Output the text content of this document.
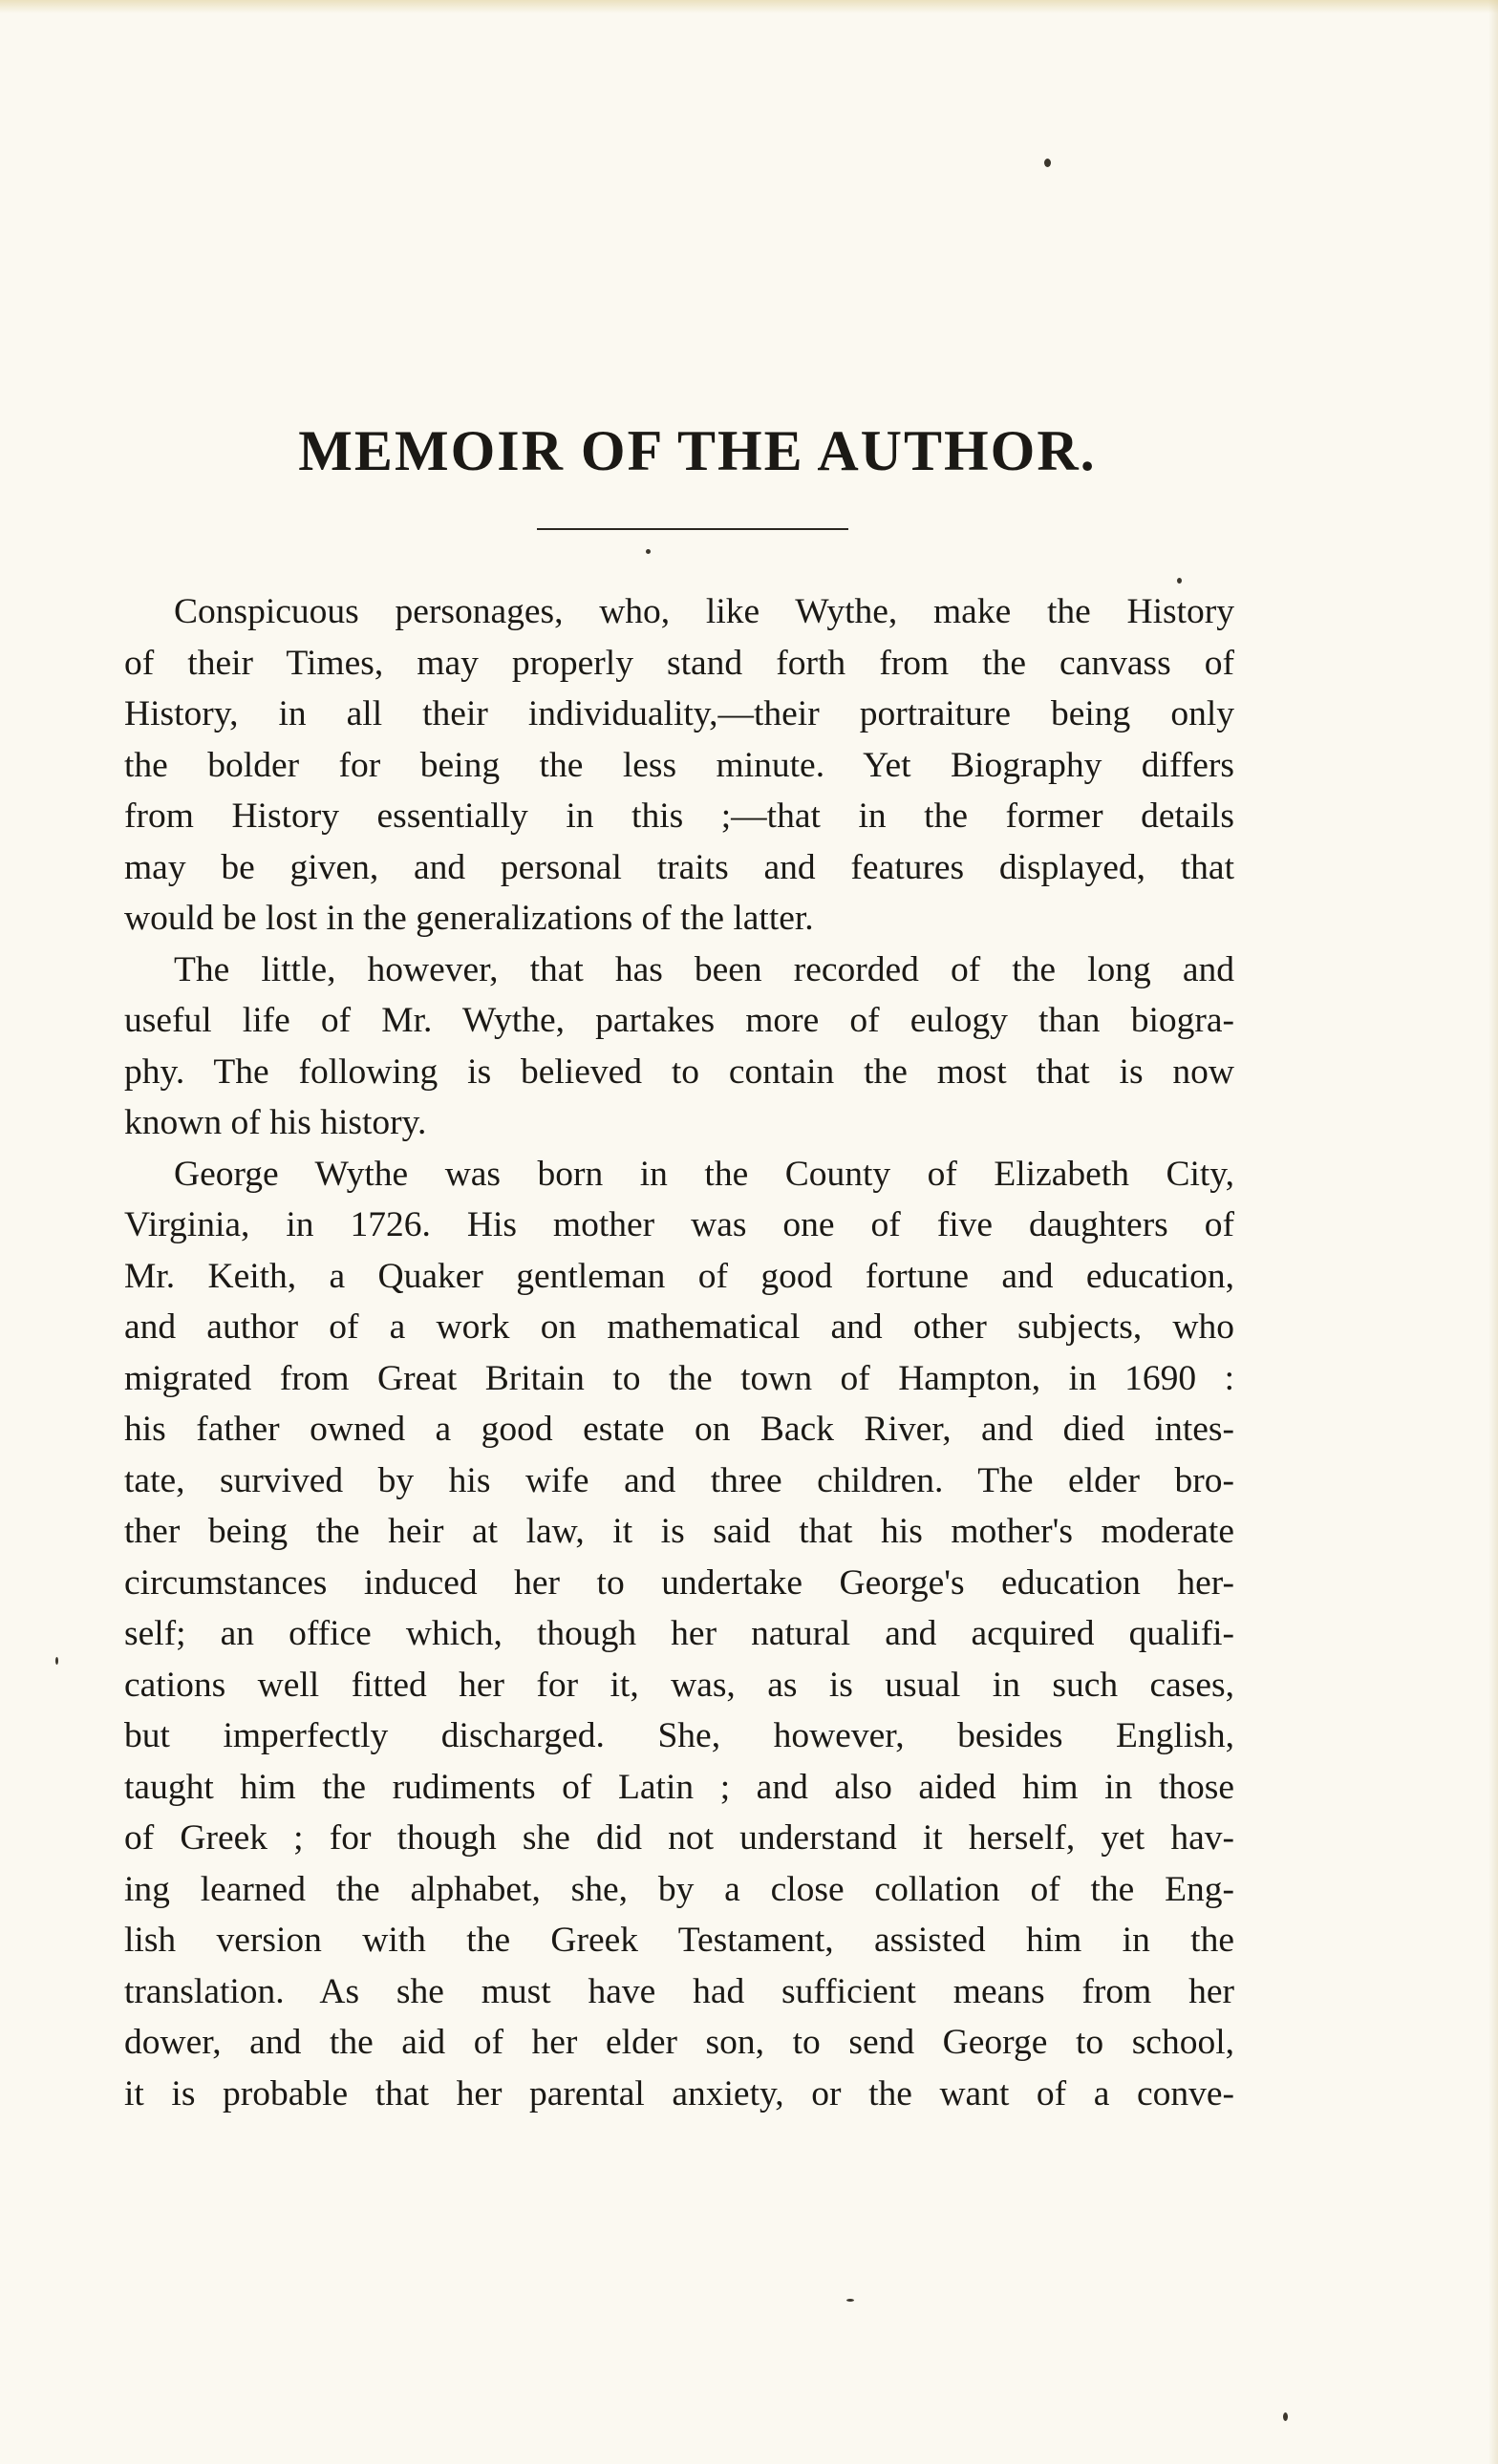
MEMOIR OF THE AUTHOR.
Conspicuous personages, who, like Wythe, make the History
of their Times, may properly stand forth from the canvass of
History, in all their individuality,—their portraiture being only
the bolder for being the less minute. Yet Biography differs
from History essentially in this ;—that in the former details
may be given, and personal traits and features displayed, that
would be lost in the generalizations of the latter.
The little, however, that has been recorded of the long and
useful life of Mr. Wythe, partakes more of eulogy than biogra-
phy. The following is believed to contain the most that is now
known of his history.
George Wythe was born in the County of Elizabeth City,
Virginia, in 1726. His mother was one of five daughters of
Mr. Keith, a Quaker gentleman of good fortune and education,
and author of a work on mathematical and other subjects, who
migrated from Great Britain to the town of Hampton, in 1690 :
his father owned a good estate on Back River, and died intes-
tate, survived by his wife and three children. The elder bro-
ther being the heir at law, it is said that his mother's moderate
circumstances induced her to undertake George's education her-
self; an office which, though her natural and acquired qualifi-
cations well fitted her for it, was, as is usual in such cases,
but imperfectly discharged. She, however, besides English,
taught him the rudiments of Latin ; and also aided him in those
of Greek ; for though she did not understand it herself, yet hav-
ing learned the alphabet, she, by a close collation of the Eng-
lish version with the Greek Testament, assisted him in the
translation. As she must have had sufficient means from her
dower, and the aid of her elder son, to send George to school,
it is probable that her parental anxiety, or the want of a conve-
